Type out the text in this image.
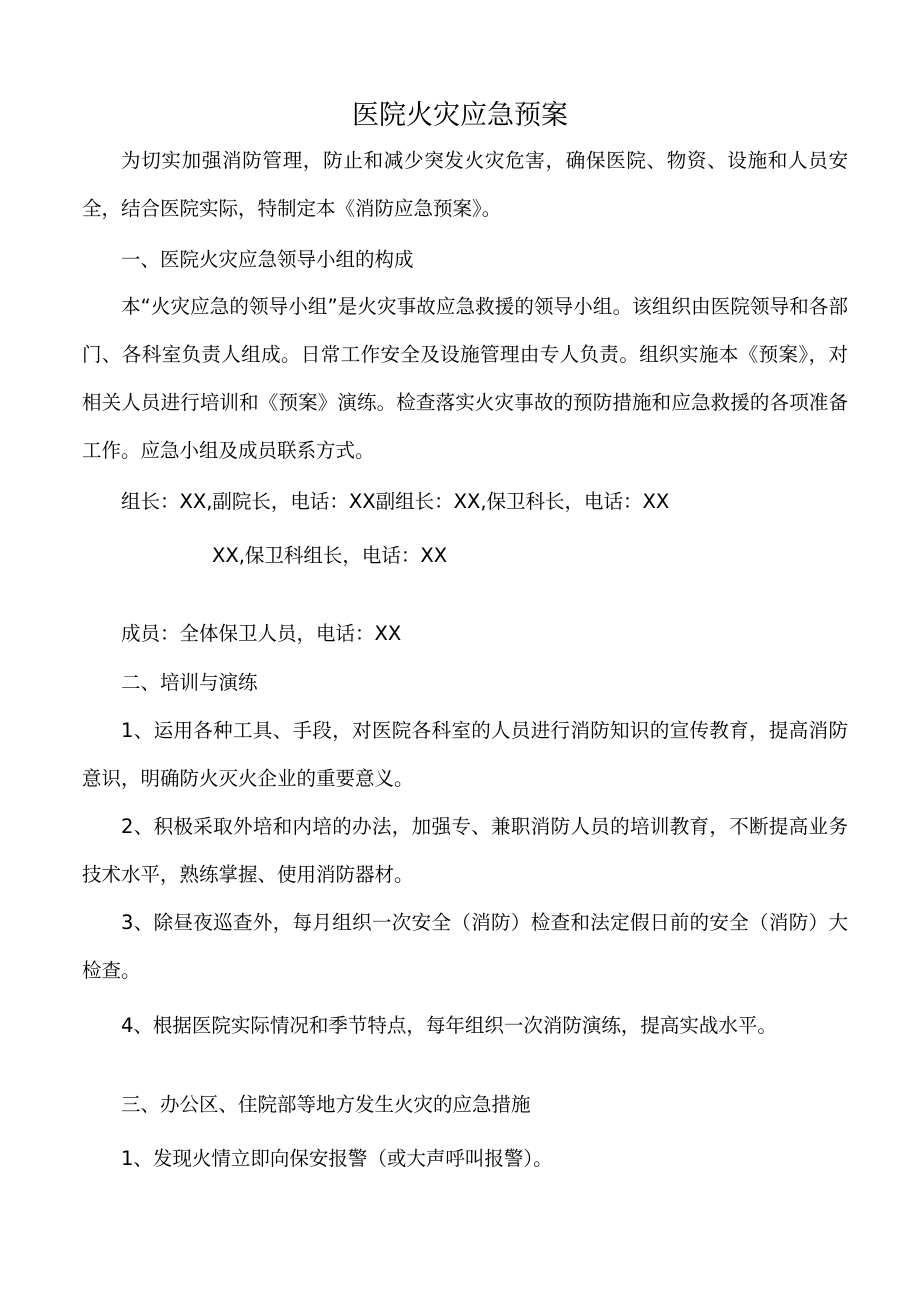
医院火灾应急预案

为切实加强消防管理，防止和减少突发火灾危害，确保医院、物资、设施和人员安全，结合医院实际，特制定本《消防应急预案》。

一、医院火灾应急领导小组的构成

本“火灾应急的领导小组”是火灾事故应急救援的领导小组。该组织由医院领导和各部门、各科室负责人组成。日常工作安全及设施管理由专人负责。组织实施本《预案》，对相关人员进行培训和《预案》演练。检查落实火灾事故的预防措施和应急救援的各项准备工作。应急小组及成员联系方式。

组长：XX,副院长，电话：XX副组长：XX,保卫科长，电话：XX

XX,保卫科组长，电话：XX

成员：全体保卫人员，电话：XX

二、培训与演练

1、运用各种工具、手段，对医院各科室的人员进行消防知识的宣传教育，提高消防意识，明确防火灭火企业的重要意义。

2、积极采取外培和内培的办法，加强专、兼职消防人员的培训教育，不断提高业务技术水平，熟练掌握、使用消防器材。

3、除昼夜巡查外，每月组织一次安全（消防）检查和法定假日前的安全（消防）大检查。

4、根据医院实际情况和季节特点，每年组织一次消防演练，提高实战水平。

三、办公区、住院部等地方发生火灾的应急措施

1、发现火情立即向保安报警（或大声呼叫报警）。
